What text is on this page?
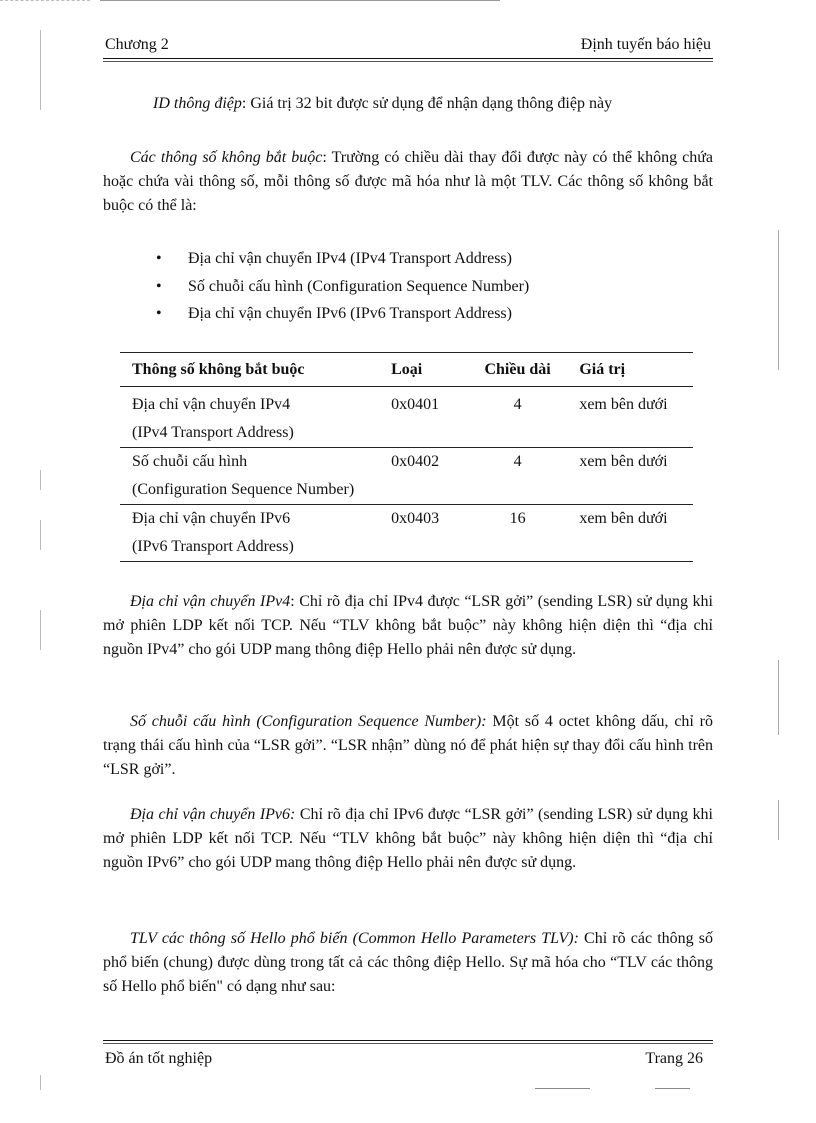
Chương 2	Định tuyến báo hiệu
ID thông điệp: Giá trị 32 bit được sử dụng để nhận dạng thông điệp này
Các thông số không bắt buộc: Trường có chiều dài thay đổi được này có thể không chứa hoặc chứa vài thông số, mỗi thông số được mã hóa như là một TLV. Các thông số không bắt buộc có thể là:
• Địa chỉ vận chuyển IPv4 (IPv4 Transport Address)
• Số chuỗi cấu hình (Configuration Sequence Number)
• Địa chỉ vận chuyển IPv6 (IPv6 Transport Address)
Thông số không bắt buộc	Loại	Chiều dài	Giá trị
Địa chỉ vận chuyển IPv4
(IPv4 Transport Address)	0x0401	4	xem bên dưới
Số chuỗi cấu hình
(Configuration Sequence Number)	0x0402	4	xem bên dưới
Địa chỉ vận chuyển IPv6
(IPv6 Transport Address)	0x0403	16	xem bên dưới
Địa chỉ vận chuyển IPv4: Chỉ rõ địa chỉ IPv4 được “LSR gởi” (sending LSR) sử dụng khi mở phiên LDP kết nối TCP. Nếu “TLV không bắt buộc” này không hiện diện thì “địa chỉ nguồn IPv4” cho gói UDP mang thông điệp Hello phải nên được sử dụng.
Số chuỗi cấu hình (Configuration Sequence Number): Một số 4 octet không dấu, chỉ rõ trạng thái cấu hình của “LSR gởi”. “LSR nhận” dùng nó để phát hiện sự thay đổi cấu hình trên “LSR gởi”.
Địa chỉ vận chuyển IPv6: Chỉ rõ địa chỉ IPv6 được “LSR gởi” (sending LSR) sử dụng khi mở phiên LDP kết nối TCP. Nếu “TLV không bắt buộc” này không hiện diện thì “địa chỉ nguồn IPv6” cho gói UDP mang thông điệp Hello phải nên được sử dụng.
TLV các thông số Hello phổ biến (Common Hello Parameters TLV): Chỉ rõ các thông số phổ biến (chung) được dùng trong tất cả các thông điệp Hello. Sự mã hóa cho “TLV các thông số Hello phổ biến" có dạng như sau:
Đồ án tốt nghiệp	Trang 26
